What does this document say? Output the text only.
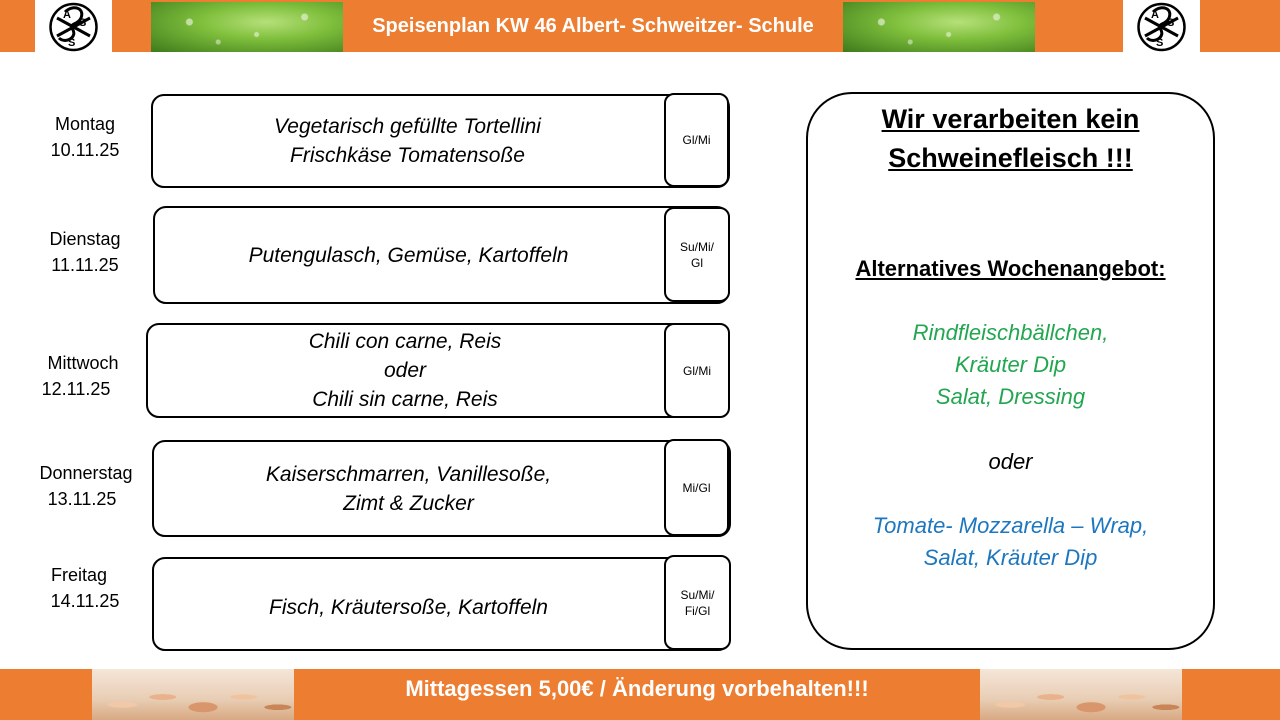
A
S
S
Speisenplan KW 46 Albert- Schweitzer- Schule	A
S
S
Montag
10.11.25
Dienstag
11.11.25
Mittwoch
12.11.25
Donnerstag
13.11.25
Freitag
14.11.25
Vegetarisch gefüllte Tortellini
Frischkäse Tomatensoße
Gl/Mi
Putengulasch, Gemüse, Kartoffeln	Su/Mi/
Gl
Chili con carne, Reis
oder
Chili sin carne, Reis
Gl/Mi
Kaiserschmarren, Vanillesoße,
Zimt & Zucker
Mi/Gl
Fisch, Kräutersoße, Kartoffeln
Su/Mi/
Fi/Gl
Wir verarbeiten kein
Schweinefleisch !!!
Alternatives Wochenangebot:
Rindfleischbällchen,
Kräuter Dip
Salat, Dressing
oder
Tomate- Mozzarella – Wrap,
Salat, Kräuter Dip
Mittagessen 5,00€ / Änderung vorbehalten!!!
